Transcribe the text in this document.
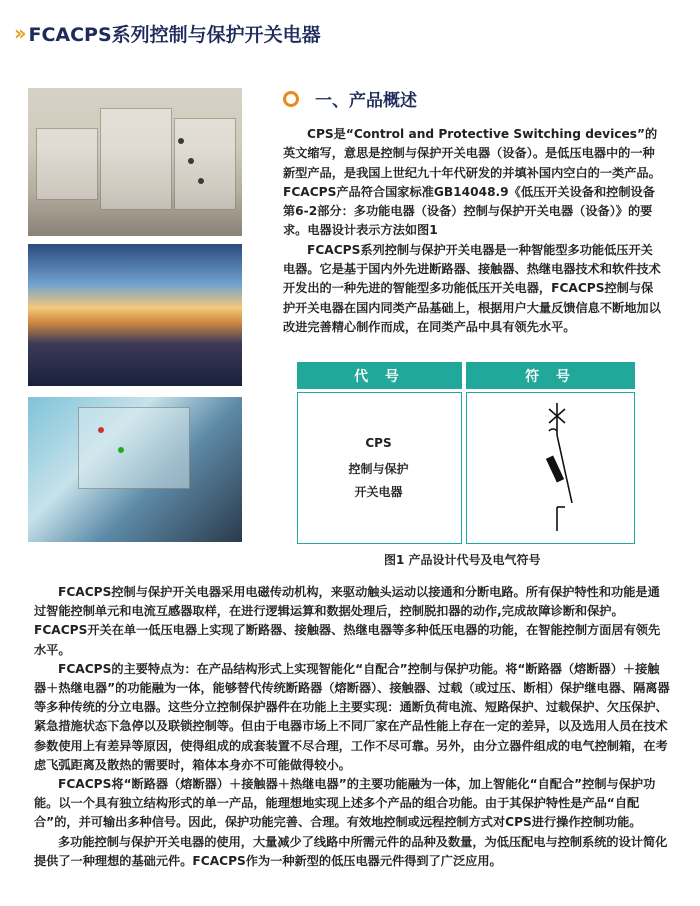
›› FCACPS系列控制与保护开关电器
一、产品概述

CPS是“Control and Protective Switching devices”的英文缩写，意思是控制与保护开关电器（设备）。是低压电器中的一种新型产品，是我国上世纪九十年代研发的并填补国内空白的一类产品。FCACPS产品符合国家标准GB14048.9《低压开关设备和控制设备 第6-2部分：多功能电器（设备）控制与保护开关电器（设备）》的要求。电器设计表示方法如图1

FCACPS系列控制与保护开关电器是一种智能型多功能低压开关电器。它是基于国内外先进断路器、接触器、热继电器技术和软件技术开发出的一种先进的智能型多功能低压开关电器，FCACPS控制与保护开关电器在国内同类产品基础上，根据用户大量反馈信息不断地加以改进完善精心制作而成，在同类产品中具有领先水平。

代 号	符 号
CPS
控制与保护
开关电器
图1 产品设计代号及电气符号

FCACPS控制与保护开关电器采用电磁传动机构，来驱动触头运动以接通和分断电路。所有保护特性和功能是通过智能控制单元和电流互感器取样，在进行逻辑运算和数据处理后，控制脱扣器的动作,完成故障诊断和保护。FCACPS开关在单一低压电器上实现了断路器、接触器、热继电器等多种低压电器的功能，在智能控制方面居有领先水平。

FCACPS的主要特点为：在产品结构形式上实现智能化“自配合”控制与保护功能。将“断路器（熔断器）＋接触器＋热继电器”的功能融为一体，能够替代传统断路器（熔断器）、接触器、过载（或过压、断相）保护继电器、隔离器等多种传统的分立电器。这些分立控制保护器件在功能上主要实现：通断负荷电流、短路保护、过载保护、欠压保护、紧急措施状态下急停以及联锁控制等。但由于电器市场上不同厂家在产品性能上存在一定的差异，以及选用人员在技术参数使用上有差异等原因，使得组成的成套装置不尽合理，工作不尽可靠。另外，由分立器件组成的电气控制箱，在考虑飞弧距离及散热的需要时，箱体本身亦不可能做得较小。

FCACPS将“断路器（熔断器）＋接触器＋热继电器”的主要功能融为一体，加上智能化“自配合”控制与保护功能。以一个具有独立结构形式的单一产品，能理想地实现上述多个产品的组合功能。由于其保护特性是产品“自配合”的，并可输出多种信号。因此，保护功能完善、合理。有效地控制或远程控制方式对CPS进行操作控制功能。

多功能控制与保护开关电器的使用，大量减少了线路中所需元件的品种及数量，为低压配电与控制系统的设计简化提供了一种理想的基础元件。FCACPS作为一种新型的低压电器元件得到了广泛应用。
